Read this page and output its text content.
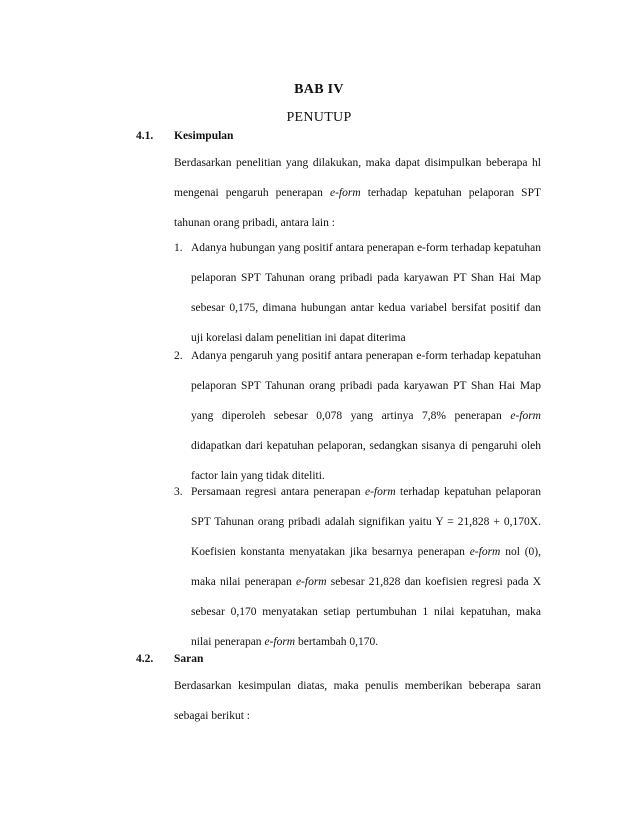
BAB IV
PENUTUP
4.1. Kesimpulan

Berdasarkan penelitian yang dilakukan, maka dapat disimpulkan beberapa hl mengenai pengaruh penerapan e-form terhadap kepatuhan pelaporan SPT tahunan orang pribadi, antara lain :

1. Adanya hubungan yang positif antara penerapan e-form terhadap kepatuhan pelaporan SPT Tahunan orang pribadi pada karyawan PT Shan Hai Map sebesar 0,175, dimana hubungan antar kedua variabel bersifat positif dan uji korelasi dalam penelitian ini dapat diterima
2. Adanya pengaruh yang positif antara penerapan e-form terhadap kepatuhan pelaporan SPT Tahunan orang pribadi pada karyawan PT Shan Hai Map yang diperoleh sebesar 0,078 yang artinya 7,8% penerapan e-form didapatkan dari kepatuhan pelaporan, sedangkan sisanya di pengaruhi oleh factor lain yang tidak diteliti.
3. Persamaan regresi antara penerapan e-form terhadap kepatuhan pelaporan SPT Tahunan orang pribadi adalah signifikan yaitu Y = 21,828 + 0,170X. Koefisien konstanta menyatakan jika besarnya penerapan e-form nol (0), maka nilai penerapan e-form sebesar 21,828 dan koefisien regresi pada X sebesar 0,170 menyatakan setiap pertumbuhan 1 nilai kepatuhan, maka nilai penerapan e-form bertambah 0,170.
4.2. Saran

Berdasarkan kesimpulan diatas, maka penulis memberikan beberapa saran sebagai berikut :
